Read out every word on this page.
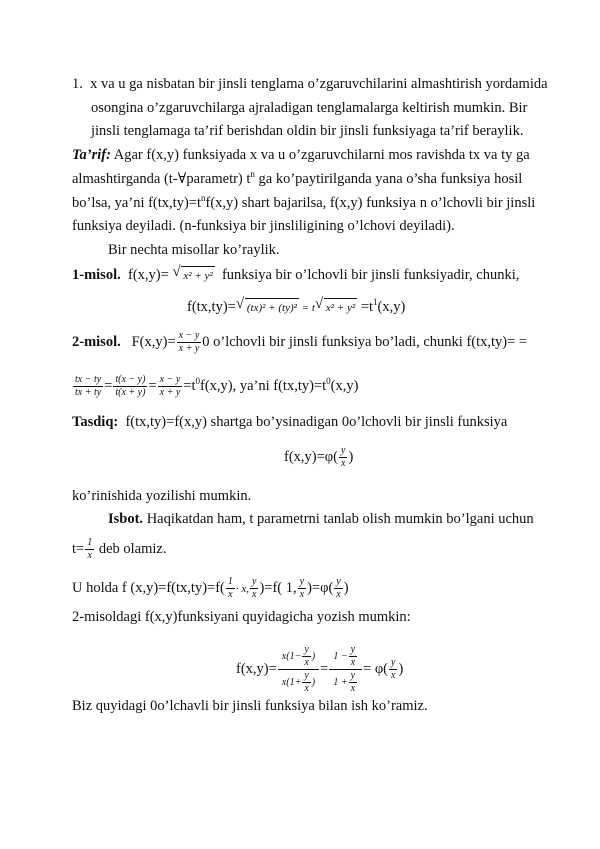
1. x va u ga nisbatan bir jinsli tenglama o’zgaruvchilarini almashtirish yordamida
osongina o’zgaruvchilarga ajraladigan tenglamalarga keltirish mumkin. Bir
jinsli tenglamaga ta’rif berishdan oldin bir jinsli funksiyaga ta’rif beraylik.
Ta’rif: Agar f(x,y) funksiyada x va u o’zgaruvchilarni mos ravishda tx va ty ga
almashtirganda (t-∀parametr) $t^n$ ga ko’paytirilganda yana o’sha funksiya hosil
bo’lsa, ya’ni $f(tx,ty)=t^nf(x,y)$ shart bajarilsa, f(x,y) funksiya n o’lchovli bir jinsli
funksiya deyiladi. (n-funksiya bir jinsliligining o’lchovi deyiladi).
Bir nechta misollar ko’raylik.
1-misol. f(x,y)= √ x² + y² funksiya bir o’lchovli bir jinsli funksiyadir, chunki,
f(tx,ty)= √ (tx)² + (ty)² = t √ $x^2 + y^2 =t^1(x,y)$
2-misol. $F(x,y)= \frac{x - y}{x + y} 0$ o’lchovli bir jinsli funksiya bo’ladi, chunki f(tx,ty)= =
$\frac{tx - ty}{tx + ty} = \frac{t(x - y)}{t(x + y)} = \frac{x - y}{x + y} =t^0f(x,y)$, ya’ni $f(tx,ty)=t^0(x,y)$
Tasdiq: f(tx,ty)=f(x,y) shartga bo’ysinadigan 0o’lchovli bir jinsli funksiya
$f(x,y)=\varphi( \frac{y}{x}$ )
ko’rinishida yozilishi mumkin.
Isbot. Haqikatdan ham, t parametrni tanlab olish mumkin bo’lgani uchun
$t= \frac{1}{x}$ deb olamiz.
U holda f $(x,y)=f(tx,ty)=f( \frac{1}{x} \cdot x$, $\frac{y}{x} )=f$( 1, $\frac{y}{x} )=\varphi( \frac{y}{x}$ )
2-misoldagi f(x,y)funksiyani quyidagicha yozish mumkin:
$f(x,y)= \frac{x(1- \frac{y}{x} )}{x(1+ \frac{y}{x} )} = \frac{1 - \frac{y}{x}}{1 + \frac{y}{x}} = \varphi( \frac{y}{x}$ )
Biz quyidagi 0o’lchavli bir jinsli funksiya bilan ish ko’ramiz.
